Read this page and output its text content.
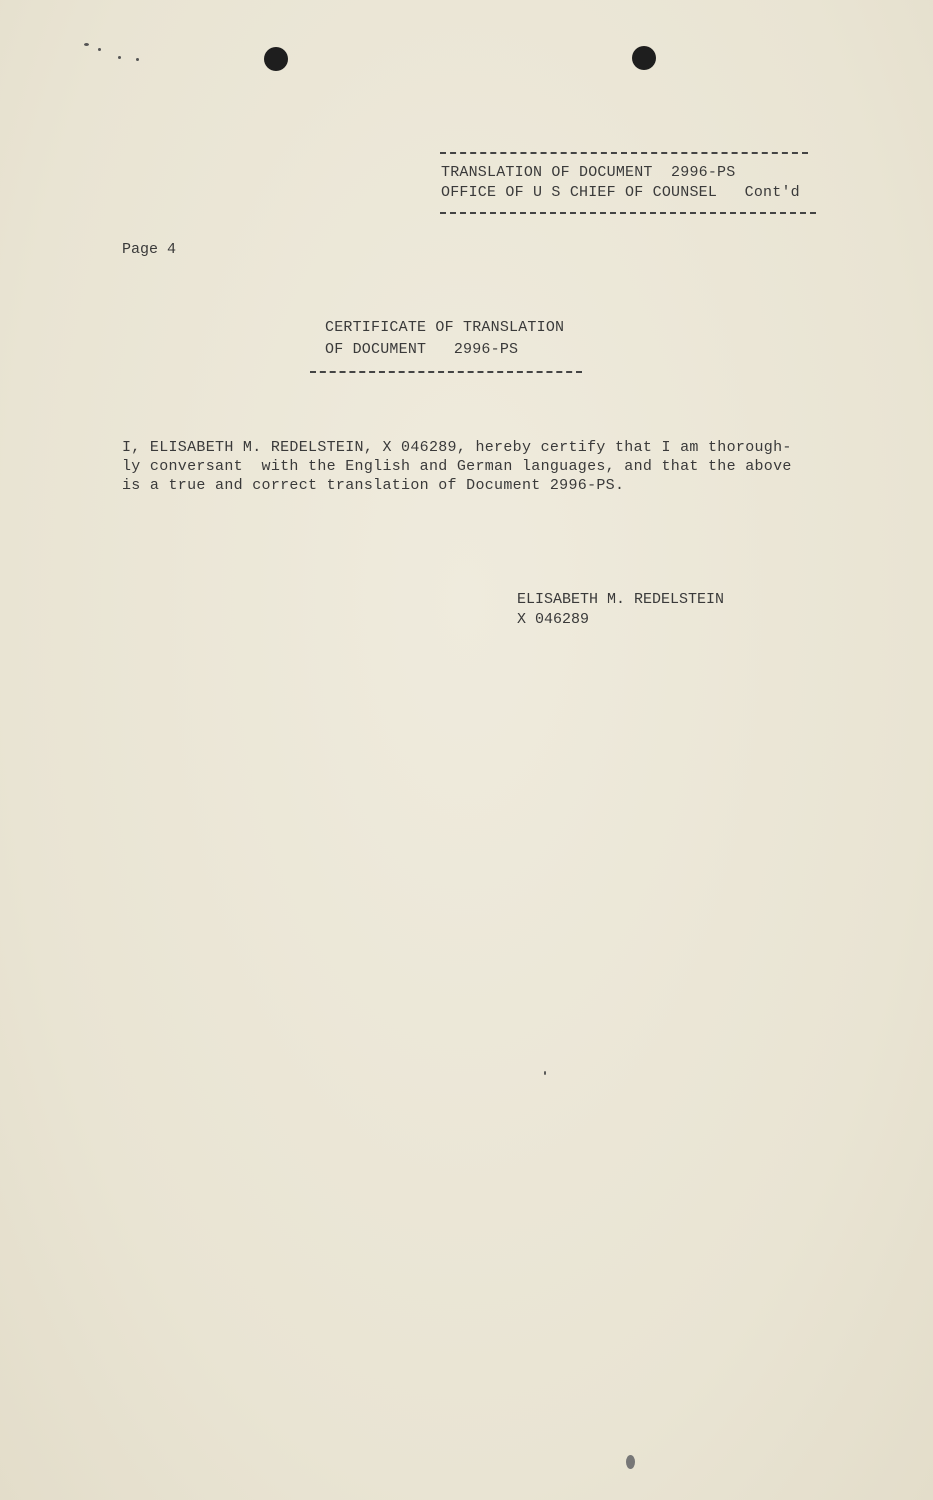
TRANSLATION OF DOCUMENT  2996-PS
OFFICE OF U S CHIEF OF COUNSEL   Cont'd
Page 4
CERTIFICATE OF TRANSLATION
OF DOCUMENT   2996-PS
I, ELISABETH M. REDELSTEIN, X 046289, hereby certify that I am thorough-
ly conversant  with the English and German languages, and that the above
is a true and correct translation of Document 2996-PS.
ELISABETH M. REDELSTEIN
X 046289
